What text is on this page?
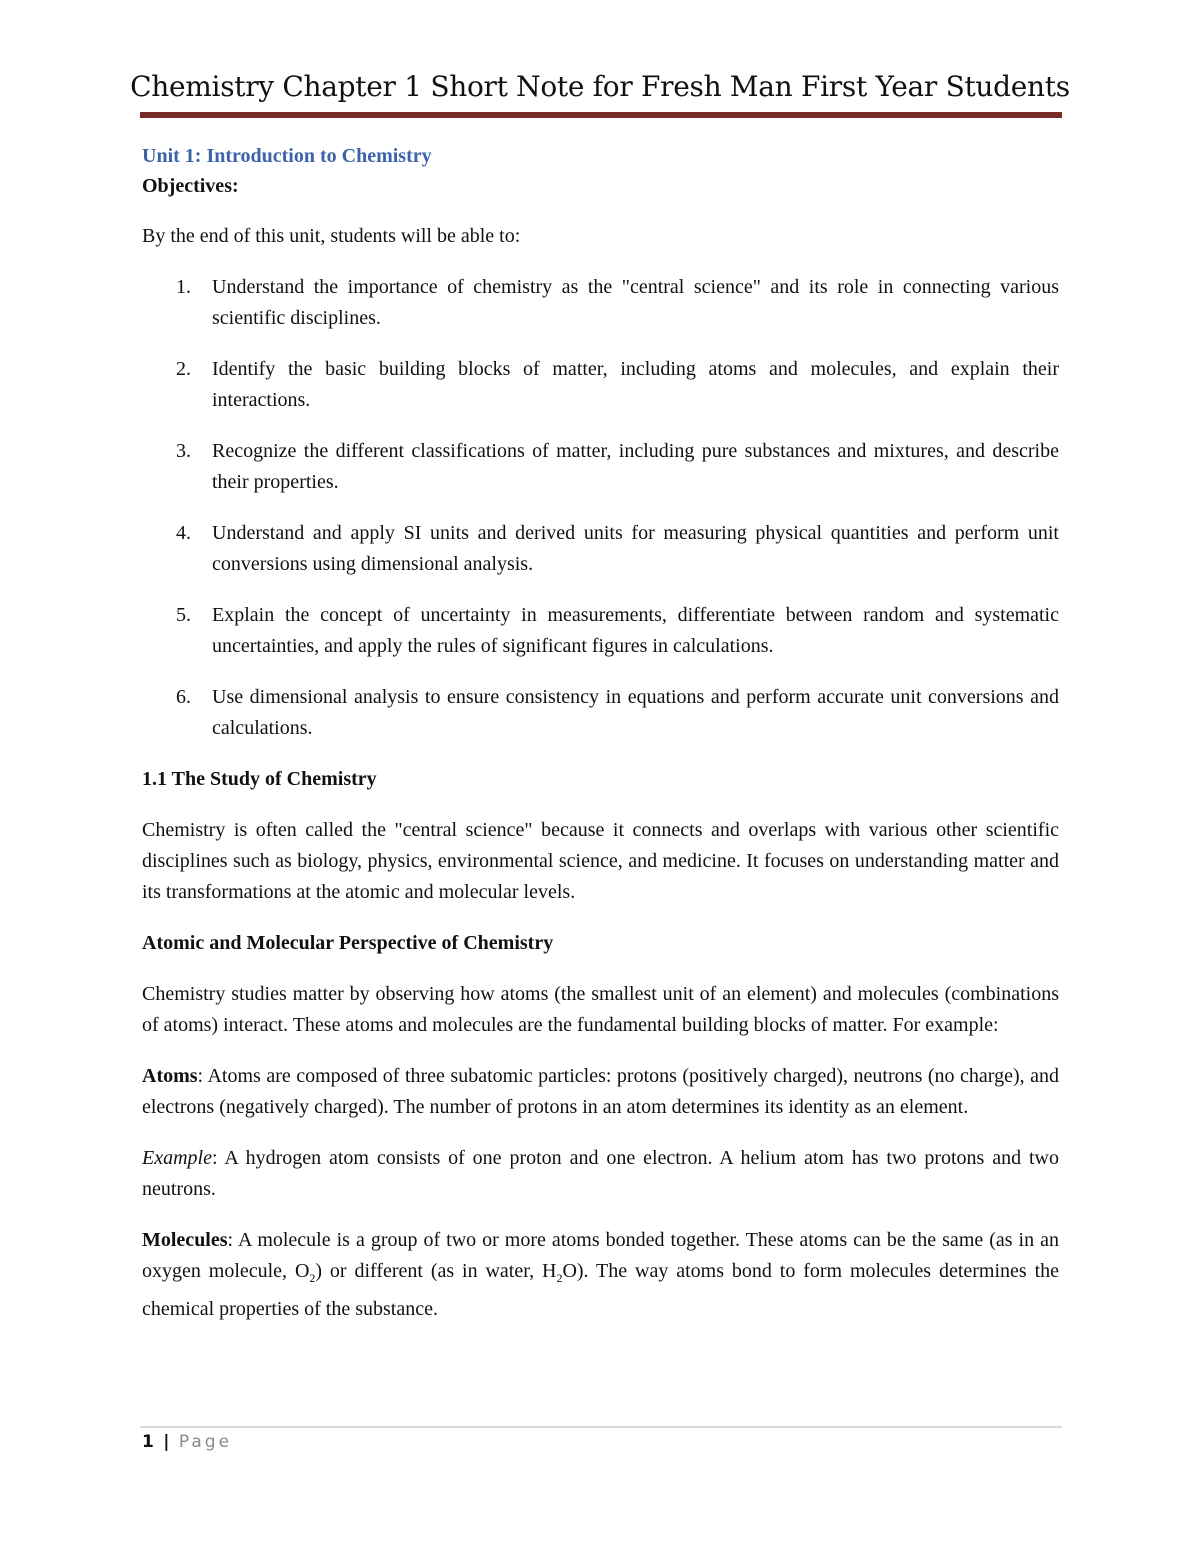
Chemistry Chapter 1 Short Note for Fresh Man First Year Students
Unit 1: Introduction to Chemistry
Objectives:

By the end of this unit, students will be able to:

1. Understand the importance of chemistry as the "central science" and its role in connecting various scientific disciplines.
2. Identify the basic building blocks of matter, including atoms and molecules, and explain their interactions.
3. Recognize the different classifications of matter, including pure substances and mixtures, and describe their properties.
4. Understand and apply SI units and derived units for measuring physical quantities and perform unit conversions using dimensional analysis.
5. Explain the concept of uncertainty in measurements, differentiate between random and systematic uncertainties, and apply the rules of significant figures in calculations.
6. Use dimensional analysis to ensure consistency in equations and perform accurate unit conversions and calculations.
1.1 The Study of Chemistry

Chemistry is often called the "central science" because it connects and overlaps with various other scientific disciplines such as biology, physics, environmental science, and medicine. It focuses on understanding matter and its transformations at the atomic and molecular levels.

Atomic and Molecular Perspective of Chemistry

Chemistry studies matter by observing how atoms (the smallest unit of an element) and molecules (combinations of atoms) interact. These atoms and molecules are the fundamental building blocks of matter. For example:

Atoms: Atoms are composed of three subatomic particles: protons (positively charged), neutrons (no charge), and electrons (negatively charged). The number of protons in an atom determines its identity as an element.

Example: A hydrogen atom consists of one proton and one electron. A helium atom has two protons and two neutrons.

Molecules: A molecule is a group of two or more atoms bonded together. These atoms can be the same (as in an oxygen molecule, $O_2$) or different (as in water, $H_2O$). The way atoms bond to form molecules determines the chemical properties of the substance.

1 | Page
